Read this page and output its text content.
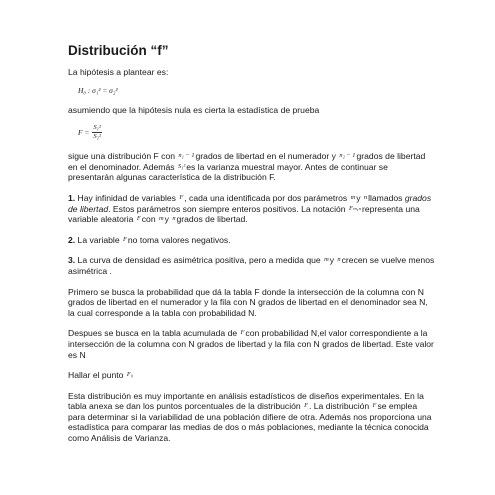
Distribución “f”

La hipótesis a plantear es:

H₀ : σ₁² = σ₂²

asumiendo que la hipótesis nula es cierta la estadística de prueba

$F = \frac{\text{S₁²}}{\text{S₂²}}$

sigue una distribución F con $^{n_1 - 1}$grados de libertad en el numerador y $^{n_2 - 1}$grados de libertad en el denominador. Además $^{S_1^2}$es la varianza muestral mayor. Antes de continuar se presentarán algunas característica de la distribución F.

1. Hay infinidad de variables $^F$, cada una identificada por dos parámetros $^m$y $^n$llamados grados de libertad. Estos parámetros son siempre enteros positivos. La notación $^{F_m,_n}$representa una variable aleatoria $^F$con $^m$y $^n$grados de libertad.

2. La variable $^F$no toma valores negativos.

3. La curva de densidad es asimétrica positiva, pero a medida que $^m$y $^n$crecen se vuelve menos asimétrica .

Primero se busca la probabilidad que dá la tabla F donde la intersección de la columna con N grados de libertad en el numerador y la fila con N grados de libertad en el denominador sea N, la cual corresponde a la tabla con probabilidad N.

Despues se busca en la tabla acumulada de $^F$con probabilidad N,el valor correspondiente a la intersección de la columna con N grados de libertad y la fila con N grados de libertad. Este valor es N

Hallar el punto $^{F_0}$

Esta distribución es muy importante en análisis estadísticos de diseños experimentales. En la tabla anexa se dan los puntos porcentuales de la distribución $^F$. La distribución $^F$se emplea para determinar si la variabilidad de una población difiere de otra. Además nos proporciona una estadística para comparar las medias de dos o más poblaciones, mediante la técnica conocida como Análisis de Varianza.
